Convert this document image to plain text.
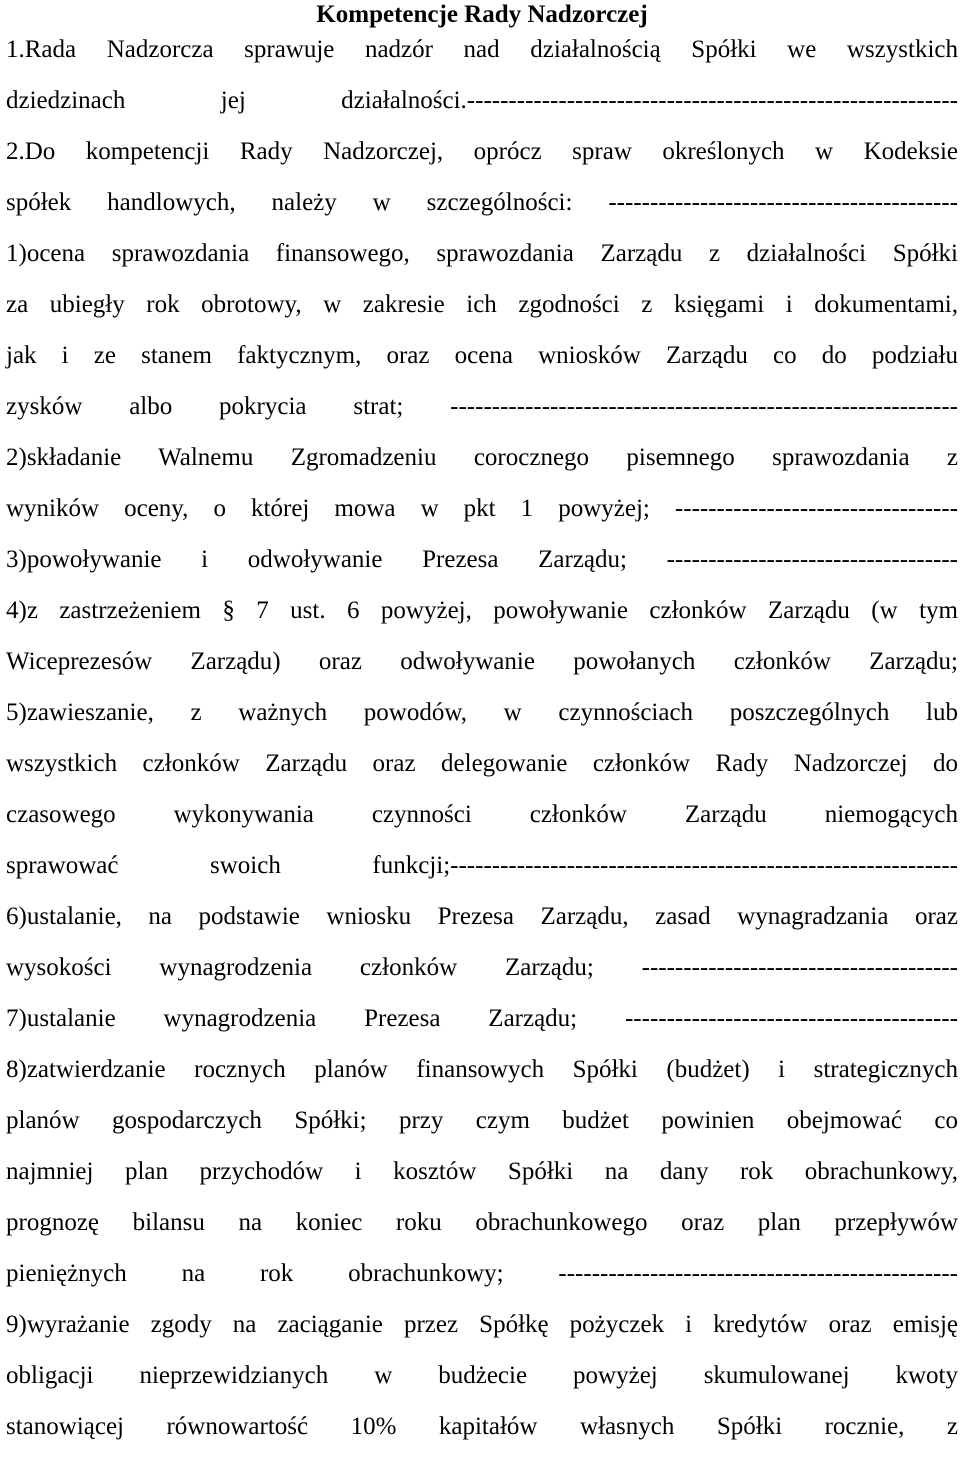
Kompetencje Rady Nadzorczej

1.Rada Nadzorcza sprawuje nadzór nad działalnością Spółki we wszystkich

dziedzinach jej działalności.-----------------------------------------------------------

2.Do kompetencji Rady Nadzorczej, oprócz spraw określonych w Kodeksie

spółek handlowych, należy w szczególności: ------------------------------------------

1)ocena sprawozdania finansowego, sprawozdania Zarządu z działalności Spółki

za ubiegły rok obrotowy, w zakresie ich zgodności z księgami i dokumentami,

jak i ze stanem faktycznym, oraz ocena wniosków Zarządu co do podziału

zysków albo pokrycia strat; -------------------------------------------------------------

2)składanie Walnemu Zgromadzeniu corocznego pisemnego sprawozdania z

wyników oceny, o której mowa w pkt 1 powyżej; ----------------------------------

3)powoływanie i odwoływanie Prezesa Zarządu; -----------------------------------

4)z zastrzeżeniem § 7 ust. 6 powyżej, powoływanie członków Zarządu (w tym

Wiceprezesów Zarządu) oraz odwoływanie powołanych członków Zarządu;

5)zawieszanie, z ważnych powodów, w czynnościach poszczególnych lub

wszystkich członków Zarządu oraz delegowanie członków Rady Nadzorczej do

czasowego wykonywania czynności członków Zarządu niemogących

sprawować swoich funkcji;-------------------------------------------------------------

6)ustalanie, na podstawie wniosku Prezesa Zarządu, zasad wynagradzania oraz

wysokości wynagrodzenia członków Zarządu; --------------------------------------

7)ustalanie wynagrodzenia Prezesa Zarządu; ----------------------------------------

8)zatwierdzanie rocznych planów finansowych Spółki (budżet) i strategicznych

planów gospodarczych Spółki; przy czym budżet powinien obejmować co

najmniej plan przychodów i kosztów Spółki na dany rok obrachunkowy,

prognozę bilansu na koniec roku obrachunkowego oraz plan przepływów

pieniężnych na rok obrachunkowy; ------------------------------------------------

9)wyrażanie zgody na zaciąganie przez Spółkę pożyczek i kredytów oraz emisję

obligacji nieprzewidzianych w budżecie powyżej skumulowanej kwoty

stanowiącej równowartość 10% kapitałów własnych Spółki rocznie, z
